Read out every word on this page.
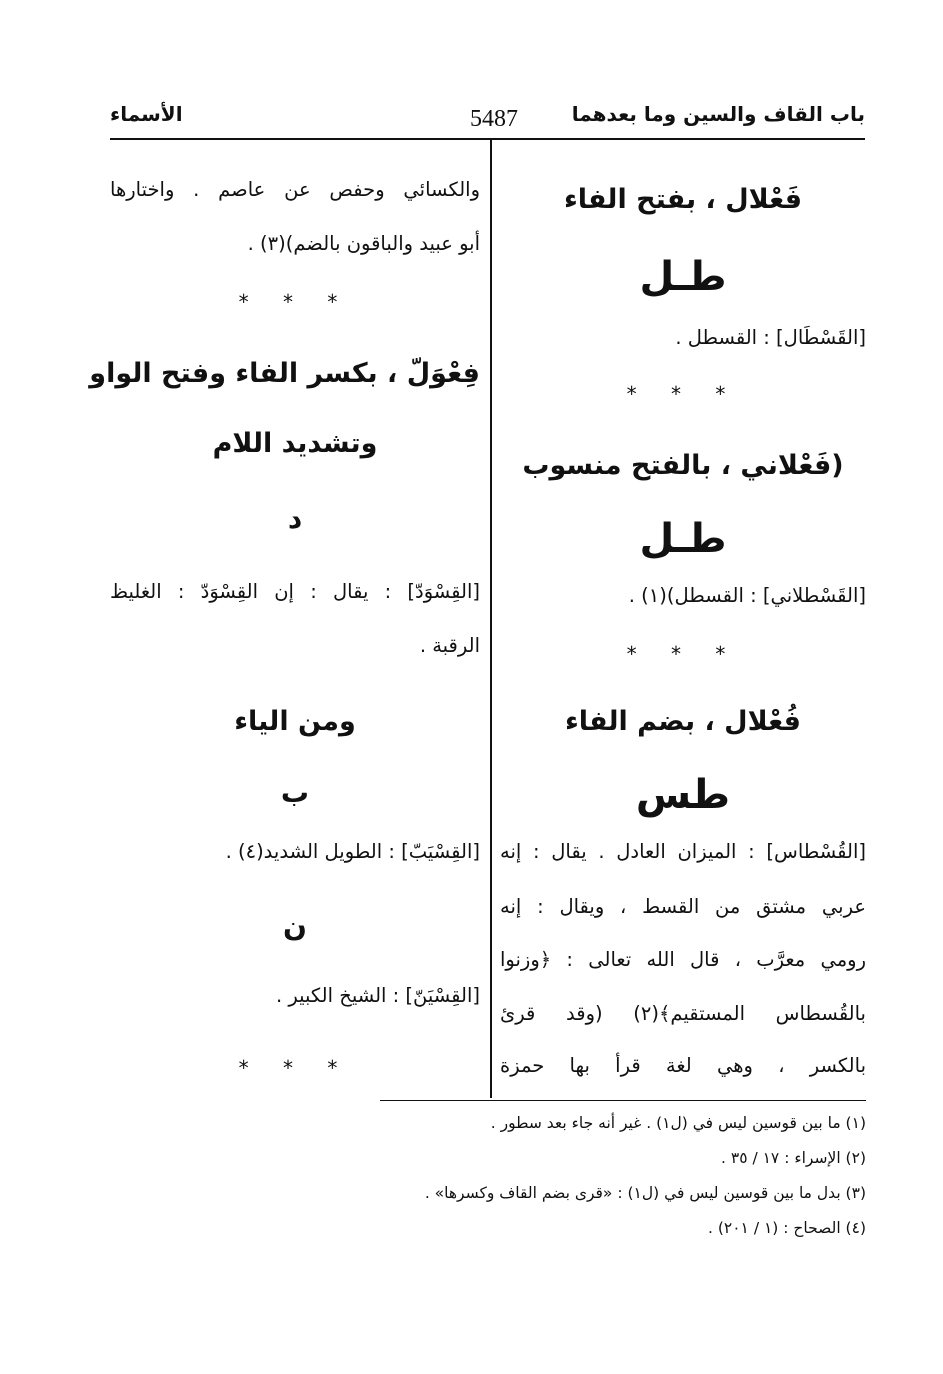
باب القاف والسين وما بعدهما
5487
الأسماء
فَعْلال ، بفتح الفاء
طـل
[القَسْطَال] : القسطل .
* * *
(فَعْلاني ، بالفتح منسوب
طـل
[القَسْطلاني] : القسطل)(١) .
* * *
فُعْلال ، بضم الفاء
طس
[القُسْطاس] : الميزان العادل . يقال : إنه
عربي مشتق من القسط ، ويقال : إنه
رومي معرَّب ، قال الله تعالى : ﴿وزنوا
بالقُسطاس المستقيم﴾(٢) (وقد قرئ
بالكسر ، وهي لغة قرأ بها حمزة
والكسائي وحفص عن عاصم . واختارها
أبو عبيد والباقون بالضم)(٣) .
* * *
فِعْوَلّ ، بكسر الفاء وفتح الواو
وتشديد اللام
د
[القِسْوَدّ] : يقال : إن القِسْوَدّ : الغليظ
الرقبة .
ومن الياء
ب
[القِسْيَبّ] : الطويل الشديد(٤) .
ن
[القِسْيَنّ] : الشيخ الكبير .
* * *
(١) ما بين قوسين ليس في (ل١) . غير أنه جاء بعد سطور .
(٢) الإسراء : ١٧ / ٣٥ .
(٣) بدل ما بين قوسين ليس في (ل١) : «قرى بضم القاف وكسرها» .
(٤) الصحاح : (١ / ٢٠١) .
